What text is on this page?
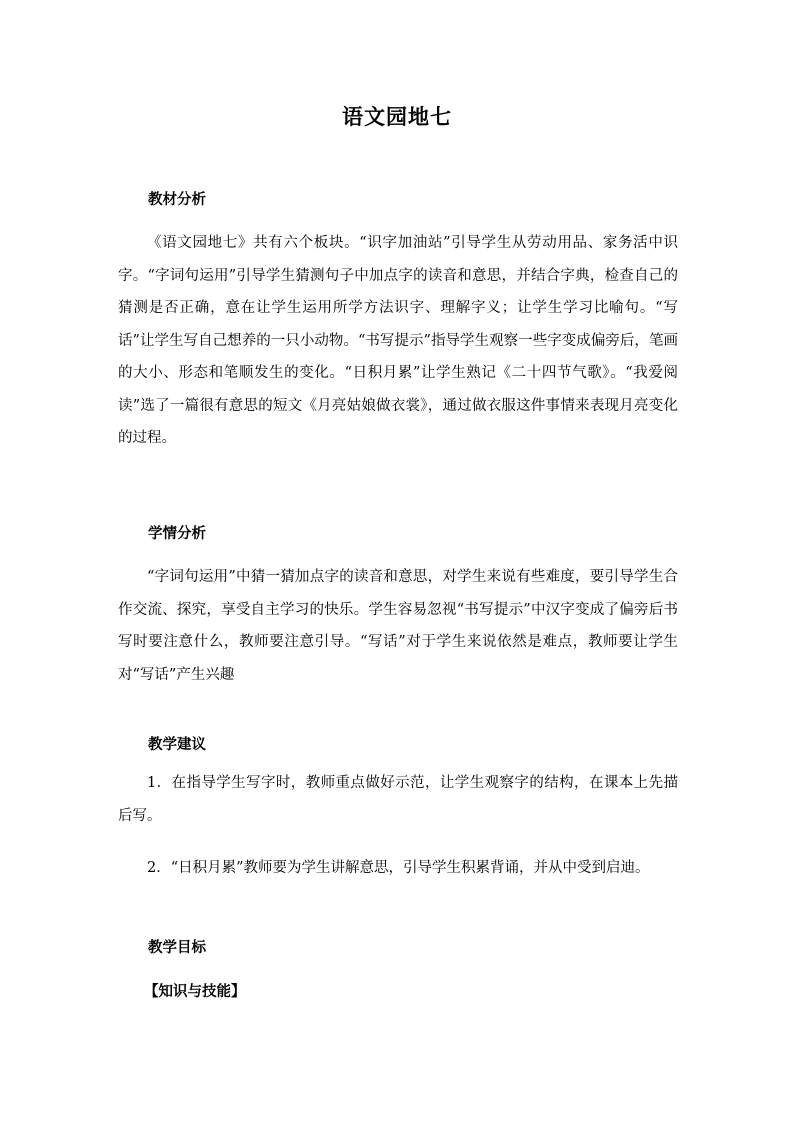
语文园地七
教材分析

《语文园地七》共有六个板块。“识字加油站”引导学生从劳动用品、家务活中识字。“字词句运用”引导学生猜测句子中加点字的读音和意思，并结合字典，检查自己的猜测是否正确，意在让学生运用所学方法识字、理解字义；让学生学习比喻句。“写话”让学生写自己想养的一只小动物。“书写提示”指导学生观察一些字变成偏旁后，笔画的大小、形态和笔顺发生的变化。“日积月累”让学生熟记《二十四节气歌》。“我爱阅读”选了一篇很有意思的短文《月亮姑娘做衣裳》，通过做衣服这件事情来表现月亮变化的过程。

学情分析

“字词句运用”中猜一猜加点字的读音和意思，对学生来说有些难度，要引导学生合作交流、探究，享受自主学习的快乐。学生容易忽视“书写提示”中汉字变成了偏旁后书写时要注意什么，教师要注意引导。“写话”对于学生来说依然是难点，教师要让学生对“写话”产生兴趣

教学建议

1．在指导学生写字时，教师重点做好示范，让学生观察字的结构，在课本上先描后写。

2．“日积月累”教师要为学生讲解意思，引导学生积累背诵，并从中受到启迪。

教学目标
【知识与技能】
